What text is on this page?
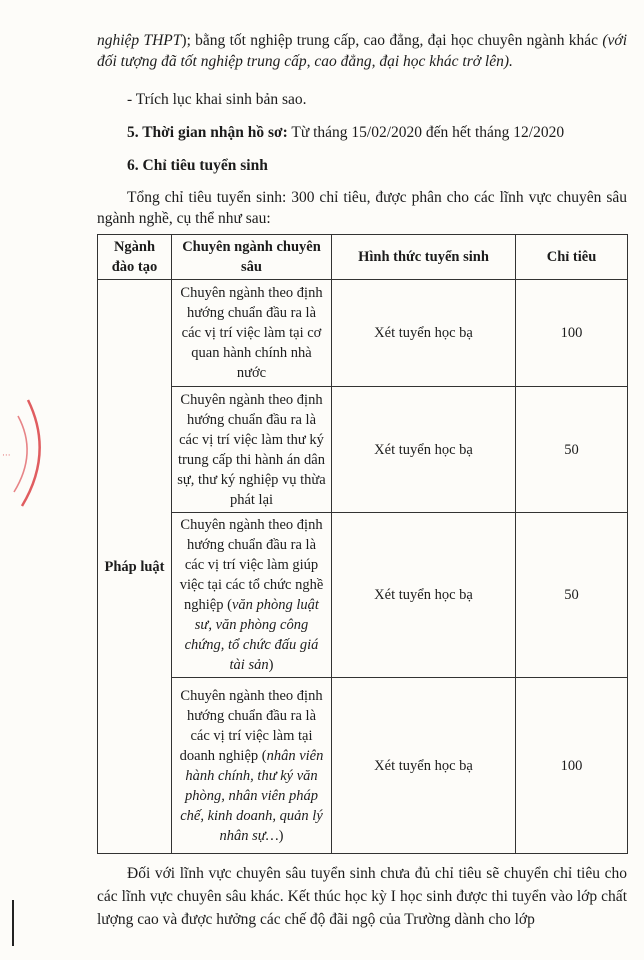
nghiệp THPT); bằng tốt nghiệp trung cấp, cao đẳng, đại học chuyên ngành khác (với đối tượng đã tốt nghiệp trung cấp, cao đẳng, đại học khác trở lên).
- Trích lục khai sinh bản sao.
5. Thời gian nhận hồ sơ: Từ tháng 15/02/2020 đến hết tháng 12/2020
6. Chỉ tiêu tuyển sinh
Tổng chỉ tiêu tuyển sinh: 300 chỉ tiêu, được phân cho các lĩnh vực chuyên sâu ngành nghề, cụ thể như sau:
Ngành đào tạo	Chuyên ngành chuyên sâu	Hình thức tuyển sinh	Chỉ tiêu
Pháp luật	Chuyên ngành theo định hướng chuẩn đầu ra là các vị trí việc làm tại cơ quan hành chính nhà nước	Xét tuyển học bạ	100
	Chuyên ngành theo định hướng chuẩn đầu ra là các vị trí việc làm thư ký trung cấp thi hành án dân sự, thư ký nghiệp vụ thừa phát lại	Xét tuyển học bạ	50
	Chuyên ngành theo định hướng chuẩn đầu ra là các vị trí việc làm giúp việc tại các tổ chức nghề nghiệp (văn phòng luật sư, văn phòng công chứng, tổ chức đấu giá tài sản)	Xét tuyển học bạ	50
	Chuyên ngành theo định hướng chuẩn đầu ra là các vị trí việc làm tại doanh nghiệp (nhân viên hành chính, thư ký văn phòng, nhân viên pháp chế, kinh doanh, quản lý nhân sự…)	Xét tuyển học bạ	100
Đối với lĩnh vực chuyên sâu tuyển sinh chưa đủ chỉ tiêu sẽ chuyển chỉ tiêu cho các lĩnh vực chuyên sâu khác. Kết thúc học kỳ I học sinh được thi tuyển vào lớp chất lượng cao và được hưởng các chế độ đãi ngộ của Trường dành cho lớp
···
